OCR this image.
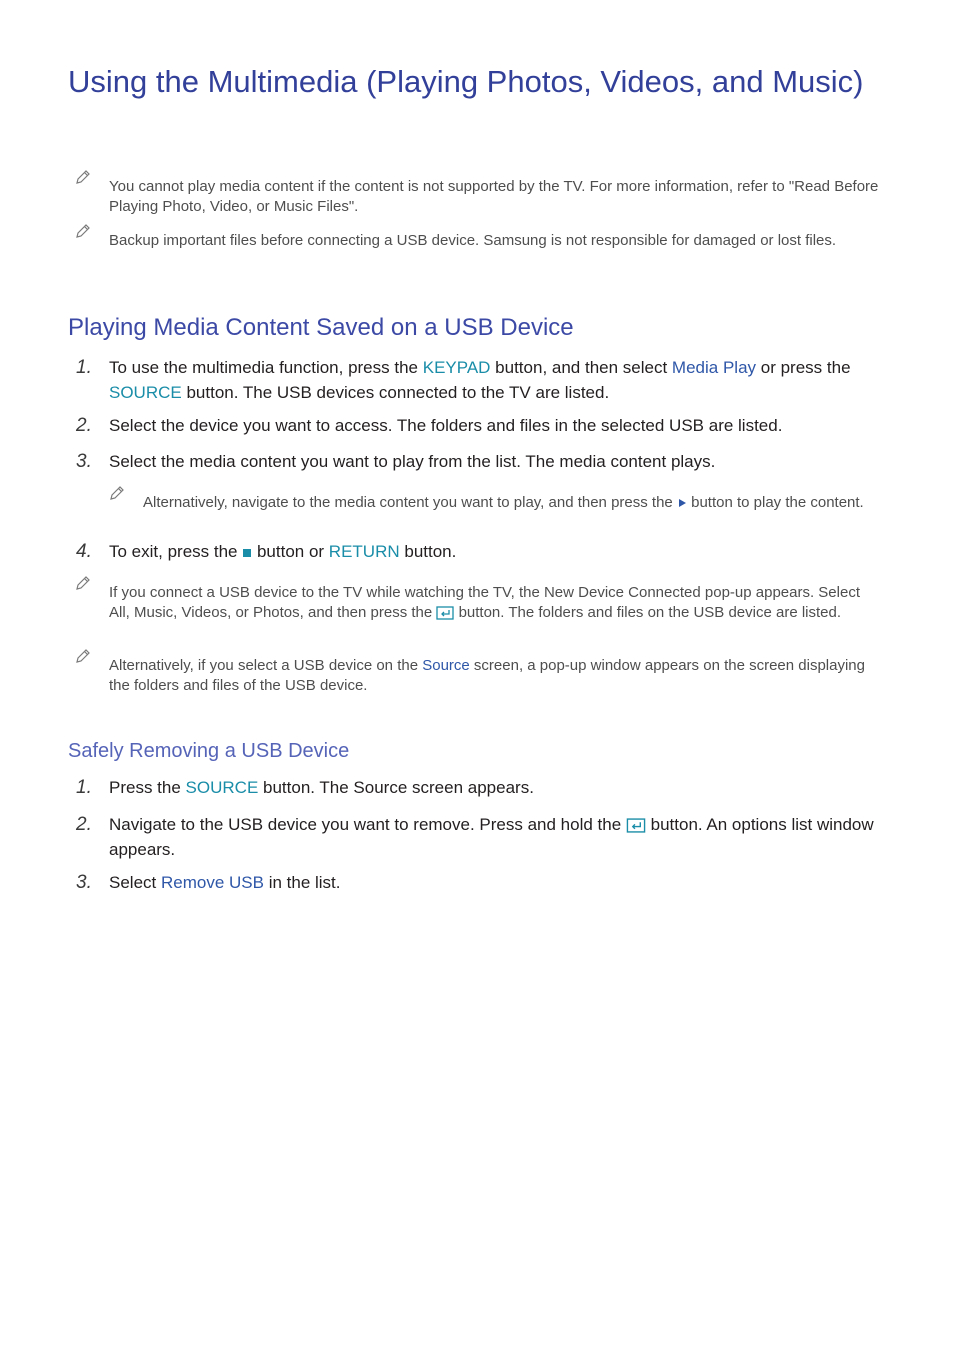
Using the Multimedia (Playing Photos, Videos, and Music)
You cannot play media content if the content is not supported by the TV. For more information, refer to "Read Before Playing Photo, Video, or Music Files".
Backup important files before connecting a USB device. Samsung is not responsible for damaged or lost files.
Playing Media Content Saved on a USB Device
1. To use the multimedia function, press the KEYPAD button, and then select Media Play or press the SOURCE button. The USB devices connected to the TV are listed.
2. Select the device you want to access. The folders and files in the selected USB are listed.
3. Select the media content you want to play from the list. The media content plays.
Alternatively, navigate to the media content you want to play, and then press the  button to play the content.
4. To exit, press the  button or RETURN button.
If you connect a USB device to the TV while watching the TV, the New Device Connected pop-up appears. Select All, Music, Videos, or Photos, and then press the  button. The folders and files on the USB device are listed.
Alternatively, if you select a USB device on the Source screen, a pop-up window appears on the screen displaying the folders and files of the USB device.
Safely Removing a USB Device
1. Press the SOURCE button. The Source screen appears.
2. Navigate to the USB device you want to remove. Press and hold the  button. An options list window appears.
3. Select Remove USB in the list.
